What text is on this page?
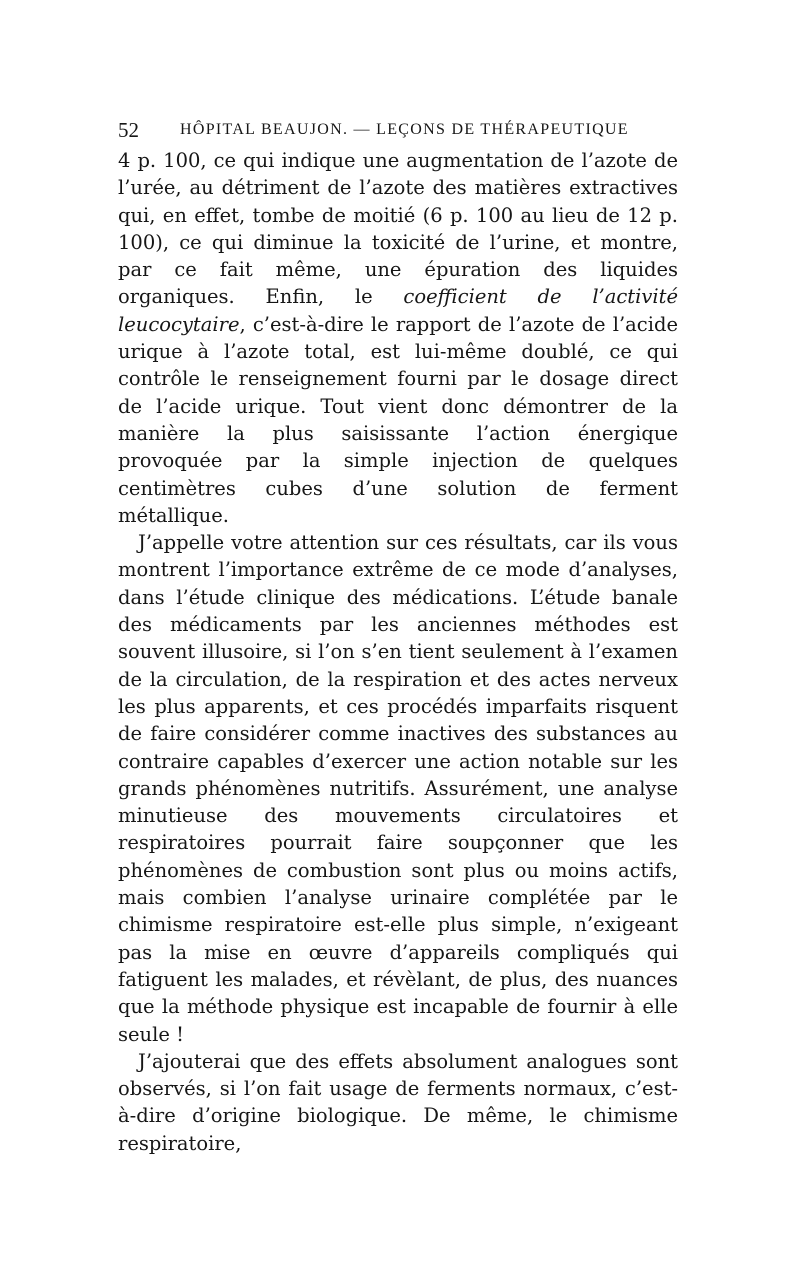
52	HÔPITAL BEAUJON. — LEÇONS DE THÉRAPEUTIQUE

4 p. 100, ce qui indique une augmentation de l’azote de l’urée, au détriment de l’azote des matières extractives qui, en effet, tombe de moitié (6 p. 100 au lieu de 12 p. 100), ce qui diminue la toxicité de l’urine, et montre, par ce fait même, une épuration des liquides organiques. Enfin, le coefficient de l’activité leucocytaire, c’est-à-dire le rapport de l’azote de l’acide urique à l’azote total, est lui-même doublé, ce qui contrôle le renseignement fourni par le dosage direct de l’acide urique. Tout vient donc démontrer de la manière la plus saisissante l’action énergique provoquée par la simple injection de quelques centimètres cubes d’une solution de ferment métallique.

J’appelle votre attention sur ces résultats, car ils vous montrent l’importance extrême de ce mode d’analyses, dans l’étude clinique des médications. L’étude banale des médicaments par les anciennes méthodes est souvent illusoire, si l’on s’en tient seulement à l’examen de la circulation, de la respiration et des actes nerveux les plus apparents, et ces procédés imparfaits risquent de faire considérer comme inactives des substances au contraire capables d’exercer une action notable sur les grands phénomènes nutritifs. Assurément, une analyse minutieuse des mouvements circulatoires et respiratoires pourrait faire soupçonner que les phénomènes de combustion sont plus ou moins actifs, mais combien l’analyse urinaire complétée par le chimisme respiratoire est-elle plus simple, n’exigeant pas la mise en œuvre d’appareils compliqués qui fatiguent les malades, et révèlant, de plus, des nuances que la méthode physique est incapable de fournir à elle seule !

J’ajouterai que des effets absolument analogues sont observés, si l’on fait usage de ferments normaux, c’est-à-dire d’origine biologique. De même, le chimisme respiratoire,
